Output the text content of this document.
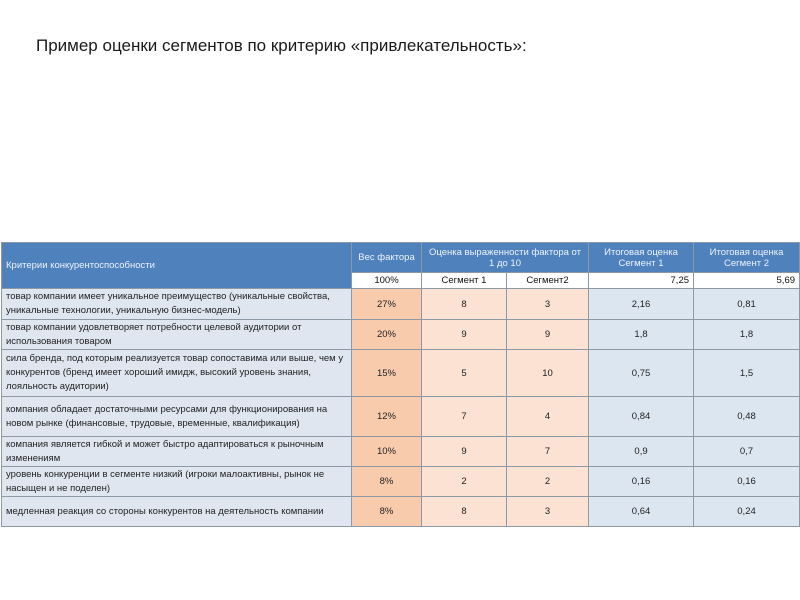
Пример оценки сегментов по критерию «привлекательность»:
Критерии конкурентоспособности	Вес фактора	Оценка выраженности фактора от 1 до 10		Итоговая оценка Сегмент 1	Итоговая оценка Сегмент 2
	100%	Сегмент 1	Сегмент2	7,25	5,69
товар компании имеет уникальное преимущество (уникальные свойства, уникальные технологии, уникальную бизнес-модель)	27%	8	3	2,16	0,81
товар компании удовлетворяет потребности целевой аудитории от использования товаром	20%	9	9	1,8	1,8
сила бренда, под которым реализуется товар сопоставима или выше, чем у конкурентов (бренд имеет хороший имидж, высокий уровень знания, лояльность аудитории)	15%	5	10	0,75	1,5
компания обладает достаточными ресурсами для функционирования на новом рынке (финансовые, трудовые, временные, квалификация)	12%	7	4	0,84	0,48
компания является гибкой и может быстро адаптироваться к рыночным изменениям	10%	9	7	0,9	0,7
уровень конкуренции в сегменте низкий (игроки малоактивны, рынок не насыщен и не поделен)	8%	2	2	0,16	0,16
медленная реакция со стороны конкурентов на деятельность компании	8%	8	3	0,64	0,24
